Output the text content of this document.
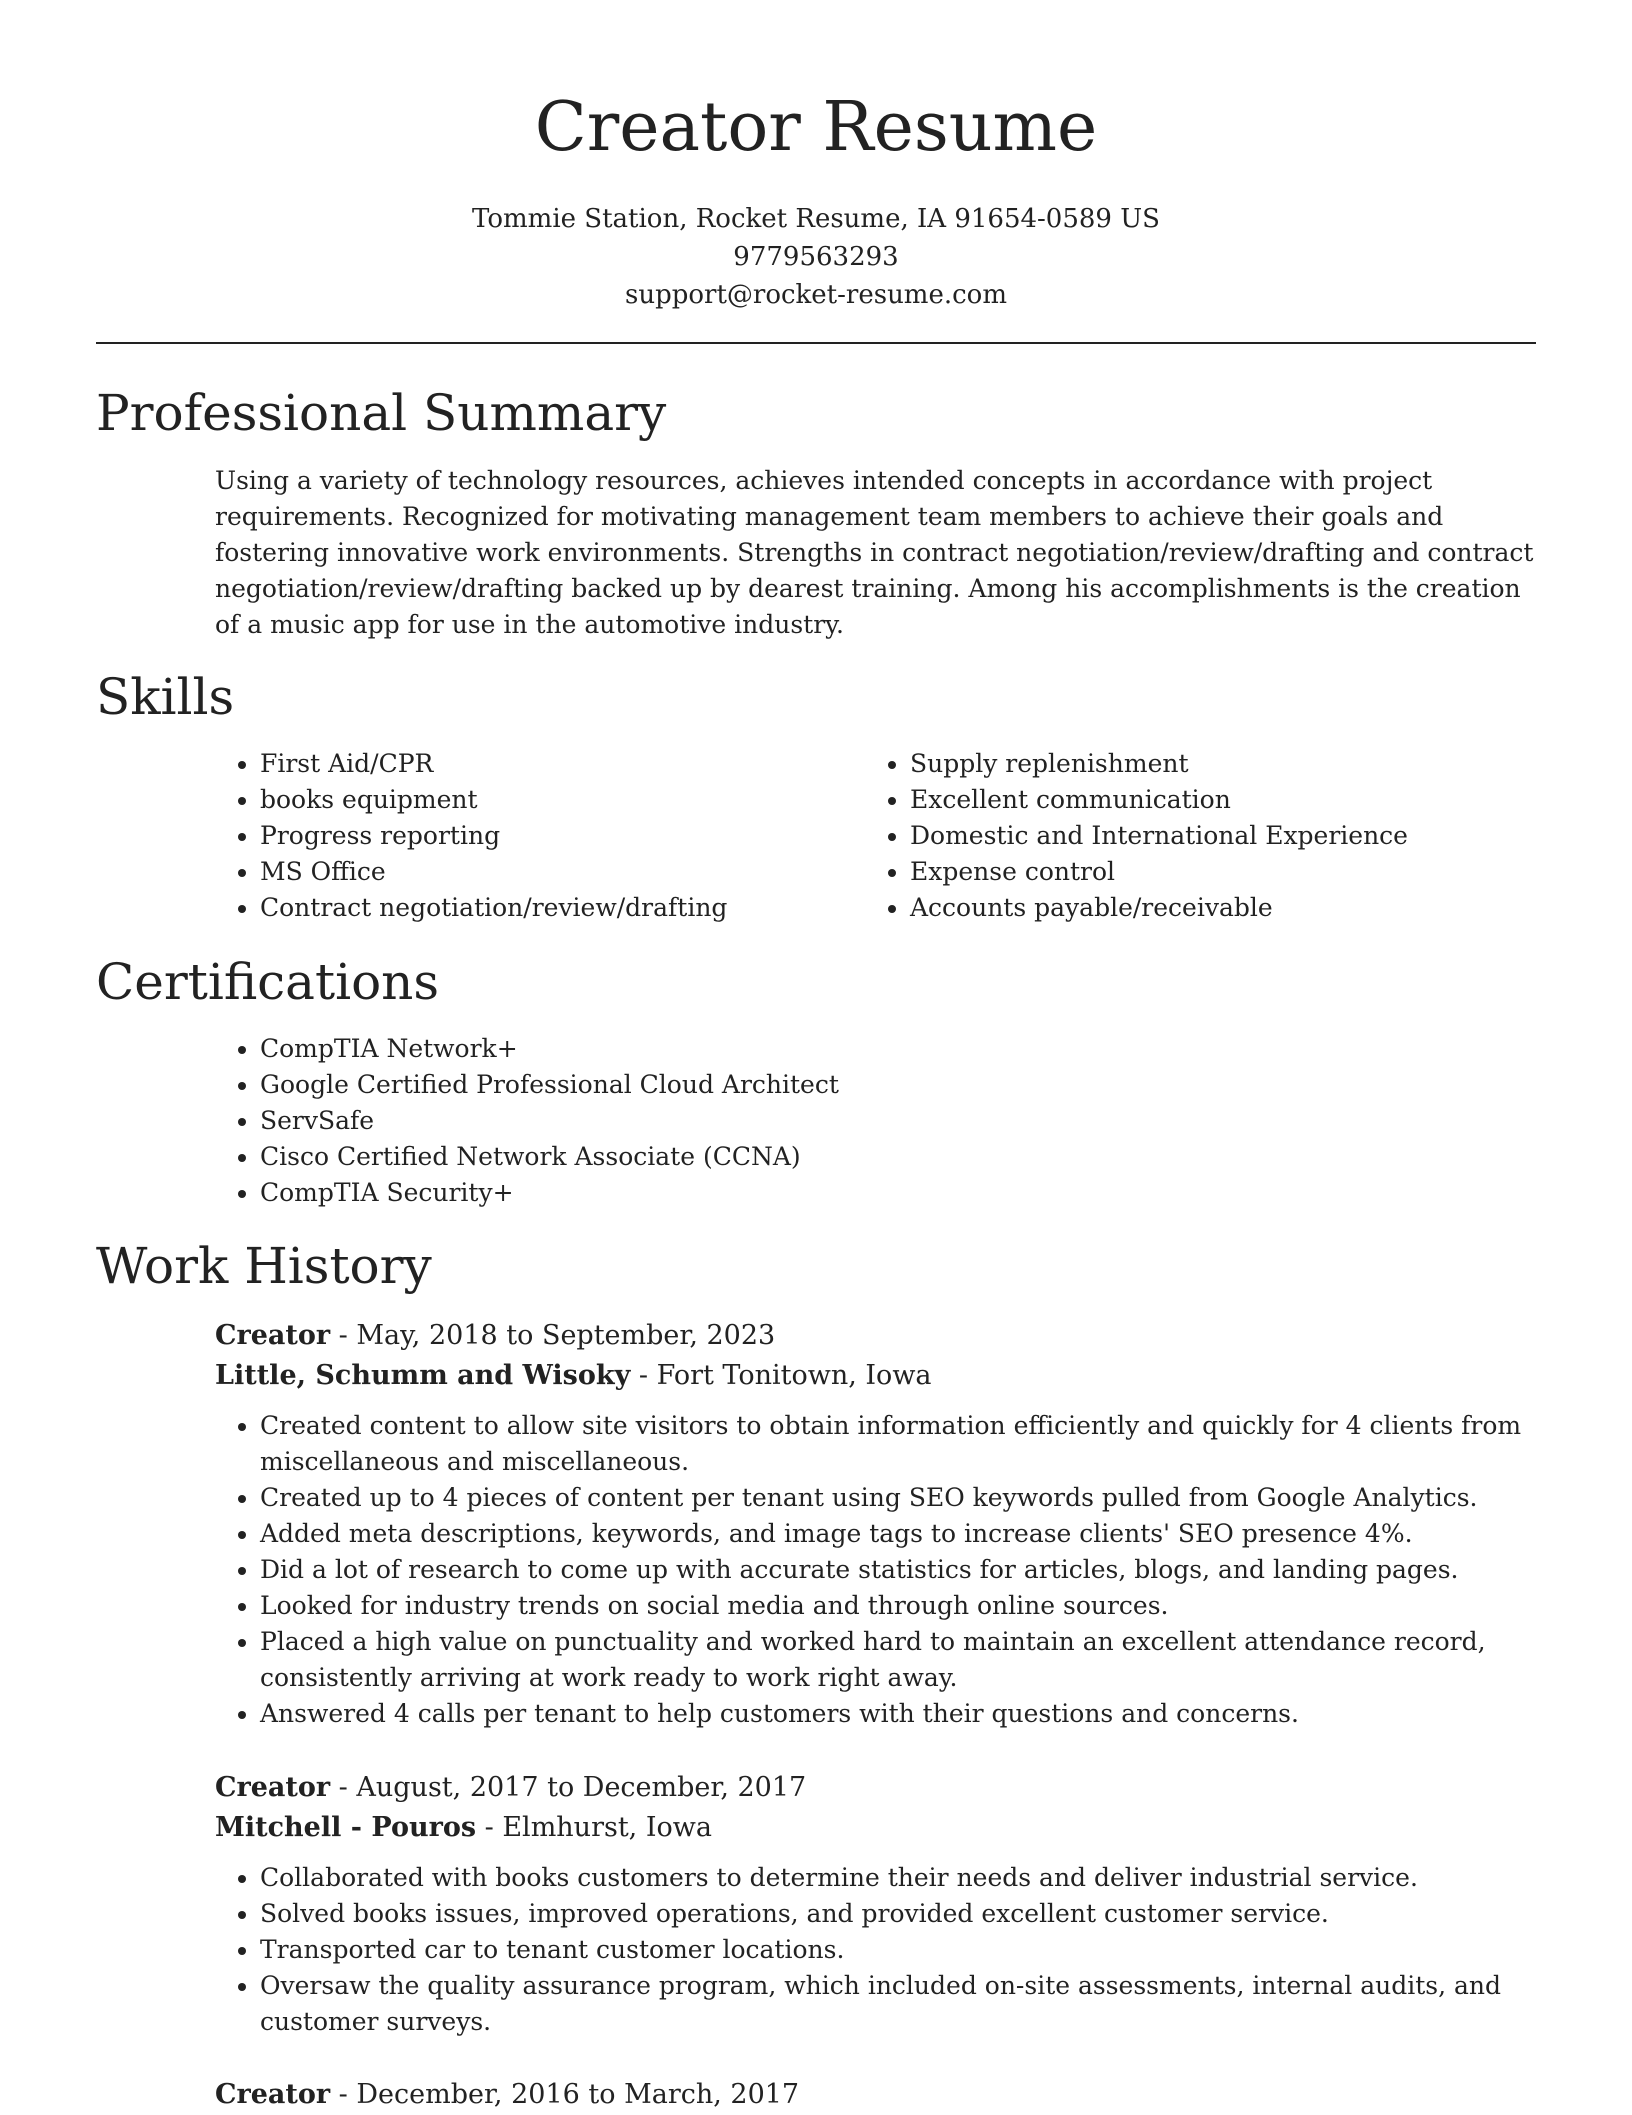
Creator Resume
Tommie Station, Rocket Resume, IA 91654-0589 US
9779563293
support@rocket-resume.com
Professional Summary

Using a variety of technology resources, achieves intended concepts in accordance with project requirements. Recognized for motivating management team members to achieve their goals and fostering innovative work environments. Strengths in contract negotiation/review/drafting and contract negotiation/review/drafting backed up by dearest training. Among his accomplishments is the creation of a music app for use in the automotive industry.

Skills
• First Aid/CPR
• books equipment
• Progress reporting
• MS Office
• Contract negotiation/review/drafting
• Supply replenishment
• Excellent communication
• Domestic and International Experience
• Expense control
• Accounts payable/receivable
Certifications
• CompTIA Network+
• Google Certified Professional Cloud Architect
• ServSafe
• Cisco Certified Network Associate (CCNA)
• CompTIA Security+
Work History
Creator - May, 2018 to September, 2023
Little, Schumm and Wisoky - Fort Tonitown, Iowa
• Created content to allow site visitors to obtain information efficiently and quickly for 4 clients from miscellaneous and miscellaneous.
• Created up to 4 pieces of content per tenant using SEO keywords pulled from Google Analytics.
• Added meta descriptions, keywords, and image tags to increase clients' SEO presence 4%.
• Did a lot of research to come up with accurate statistics for articles, blogs, and landing pages.
• Looked for industry trends on social media and through online sources.
• Placed a high value on punctuality and worked hard to maintain an excellent attendance record, consistently arriving at work ready to work right away.
• Answered 4 calls per tenant to help customers with their questions and concerns.
Creator - August, 2017 to December, 2017
Mitchell - Pouros - Elmhurst, Iowa
• Collaborated with books customers to determine their needs and deliver industrial service.
• Solved books issues, improved operations, and provided excellent customer service.
• Transported car to tenant customer locations.
• Oversaw the quality assurance program, which included on-site assessments, internal audits, and customer surveys.
Creator - December, 2016 to March, 2017
